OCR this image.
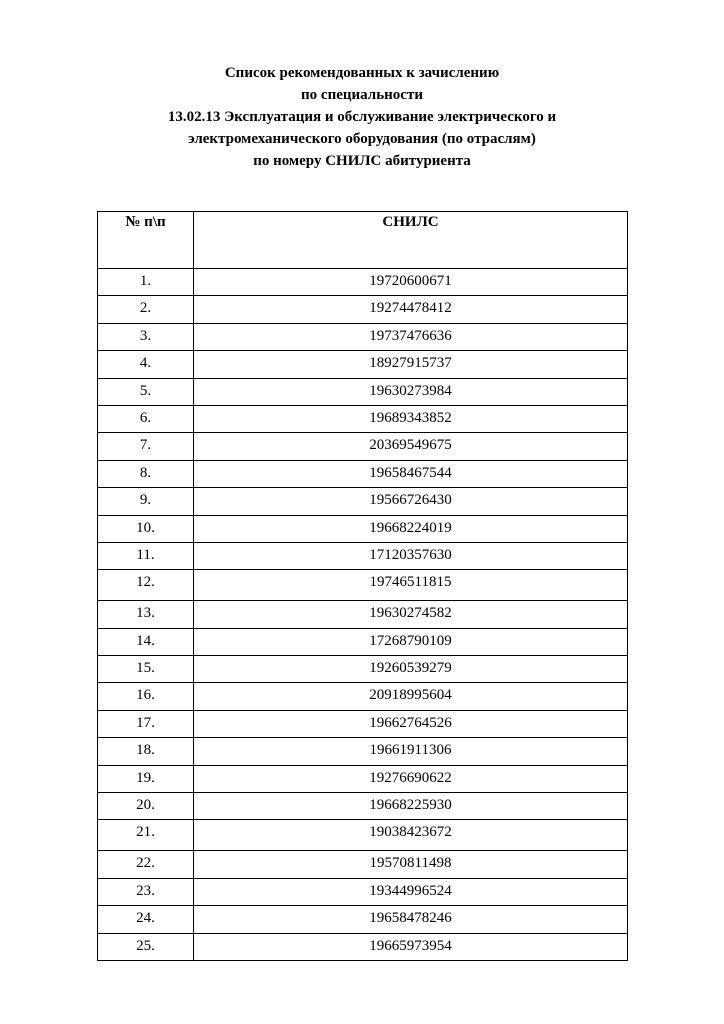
Список рекомендованных к зачислению
по специальности
13.02.13 Эксплуатация и обслуживание электрического и
электромеханического оборудования (по отраслям)
по номеру СНИЛС абитуриента
№ п\п	СНИЛС
1.	19720600671
2.	19274478412
3.	19737476636
4.	18927915737
5.	19630273984
6.	19689343852
7.	20369549675
8.	19658467544
9.	19566726430
10.	19668224019
11.	17120357630
12.	19746511815
13.	19630274582
14.	17268790109
15.	19260539279
16.	20918995604
17.	19662764526
18.	19661911306
19.	19276690622
20.	19668225930
21.	19038423672
22.	19570811498
23.	19344996524
24.	19658478246
25.	19665973954
